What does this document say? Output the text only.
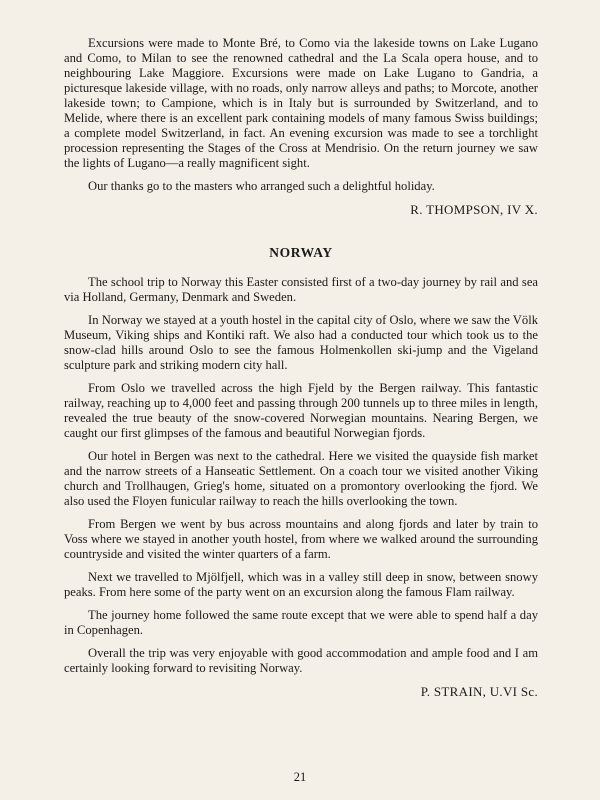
Excursions were made to Monte Bré, to Como via the lakeside towns on Lake Lugano and Como, to Milan to see the renowned cathedral and the La Scala opera house, and to neighbouring Lake Maggiore. Excursions were made on Lake Lugano to Gandria, a picturesque lakeside village, with no roads, only narrow alleys and paths; to Morcote, another lakeside town; to Campione, which is in Italy but is surrounded by Switzerland, and to Melide, where there is an excellent park containing models of many famous Swiss buildings; a complete model Switzerland, in fact. An evening excursion was made to see a torchlight procession representing the Stages of the Cross at Mendrisio. On the return journey we saw the lights of Lugano—a really magnificent sight.

Our thanks go to the masters who arranged such a delightful holiday.

R. THOMPSON, IV X.

NORWAY

The school trip to Norway this Easter consisted first of a two-day journey by rail and sea via Holland, Germany, Denmark and Sweden.

In Norway we stayed at a youth hostel in the capital city of Oslo, where we saw the Völk Museum, Viking ships and Kontiki raft. We also had a conducted tour which took us to the snow-clad hills around Oslo to see the famous Holmenkollen ski-jump and the Vigeland sculpture park and striking modern city hall.

From Oslo we travelled across the high Fjeld by the Bergen railway. This fantastic railway, reaching up to 4,000 feet and passing through 200 tunnels up to three miles in length, revealed the true beauty of the snow-covered Norwegian mountains. Nearing Bergen, we caught our first glimpses of the famous and beautiful Norwegian fjords.

Our hotel in Bergen was next to the cathedral. Here we visited the quayside fish market and the narrow streets of a Hanseatic Settlement. On a coach tour we visited another Viking church and Trollhaugen, Grieg's home, situated on a promontory overlooking the fjord. We also used the Floyen funicular railway to reach the hills overlooking the town.

From Bergen we went by bus across mountains and along fjords and later by train to Voss where we stayed in another youth hostel, from where we walked around the surrounding countryside and visited the winter quarters of a farm.

Next we travelled to Mjölfjell, which was in a valley still deep in snow, between snowy peaks. From here some of the party went on an excursion along the famous Flam railway.

The journey home followed the same route except that we were able to spend half a day in Copenhagen.

Overall the trip was very enjoyable with good accommodation and ample food and I am certainly looking forward to revisiting Norway.

P. STRAIN, U.VI Sc.

21
